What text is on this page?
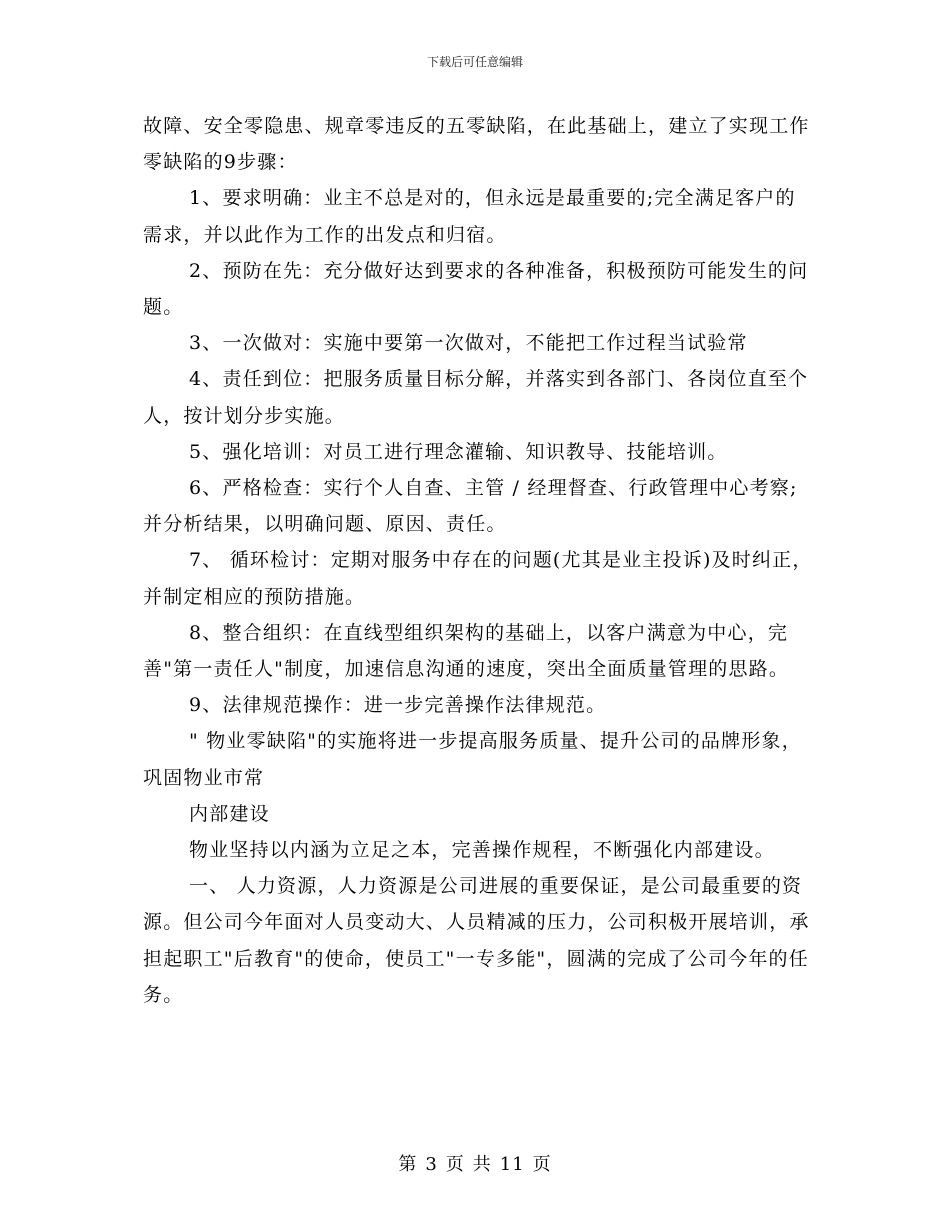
下载后可任意编辑

故障、安全零隐患、规章零违反的五零缺陷，在此基础上，建立了实现工作零缺陷的9步骤：

1、要求明确：业主不总是对的，但永远是最重要的;完全满足客户的需求，并以此作为工作的出发点和归宿。

2、预防在先：充分做好达到要求的各种准备，积极预防可能发生的问题。

3、一次做对：实施中要第一次做对，不能把工作过程当试验常

4、责任到位：把服务质量目标分解，并落实到各部门、各岗位直至个人，按计划分步实施。

5、强化培训：对员工进行理念灌输、知识教导、技能培训。

6、严格检查：实行个人自查、主管 / 经理督查、行政管理中心考察;并分析结果，以明确问题、原因、责任。

7、 循环检讨：定期对服务中存在的问题(尤其是业主投诉)及时纠正，并制定相应的预防措施。

8、整合组织：在直线型组织架构的基础上，以客户满意为中心，完善"第一责任人"制度，加速信息沟通的速度，突出全面质量管理的思路。

9、法律规范操作：进一步完善操作法律规范。

" 物业零缺陷"的实施将进一步提高服务质量、提升公司的品牌形象，巩固物业市常

内部建设

物业坚持以内涵为立足之本，完善操作规程，不断强化内部建设。

一、 人力资源，人力资源是公司进展的重要保证，是公司最重要的资源。但公司今年面对人员变动大、人员精减的压力，公司积极开展培训，承担起职工"后教育"的使命，使员工"一专多能"，圆满的完成了公司今年的任务。

第 3 页 共 11 页
